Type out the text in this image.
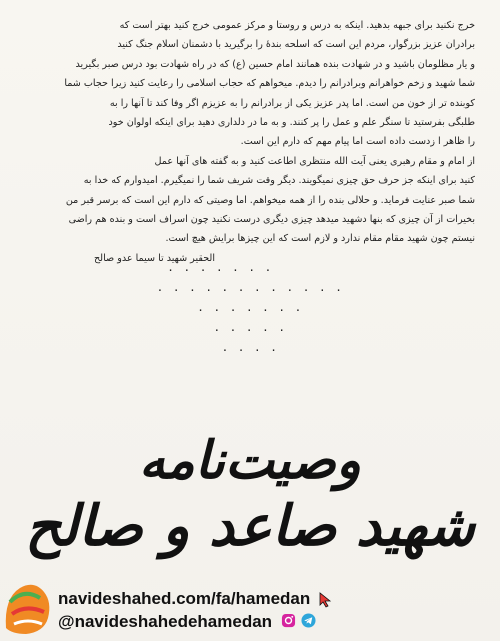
خرج نکنید برای جبهه بدهید. اینکه به درس و روستا و مرکز عمومی خرج کنید بهتر است که
برادران عزیز بزرگوار، مردم این است که اسلحه بندهٔ را برگیرید با دشمنان اسلام جنگ کنید
و یار مظلومان باشید و در شهادت بنده همانند امام حسین (ع) که در راه شهادت بود درس صبر بگیرید
شما شهید و زخم خواهرانم وبرادرانم را دیدم. میخواهم که حجاب اسلامی را رعایت کنید زیرا حجاب شما
کوبنده تر از خون من است. اما پدر عزیز یکی از برادرانم را به عزیزم اگر وفا کند تا آنها را به
طلبگی بفرستید تا سنگر علم و عمل را پر کنند. و به ما در دلداری دهید برای اینکه اولوان خود
را ظاهر ا زدست داده است اما پیام مهم که دارم این است.
از امام و مقام رهبری یعنی آیت الله منتظری اطاعت کنید و به گفته های آنها عمل
کنید برای اینکه جز حرف حق چیزی نمیگویند. دیگر وقت شریف شما را نمیگیرم. امیدوارم که خدا به
شما صبر عنایت فرماید. و حلالی بنده را از همه میخواهم. اما وصیتی که دارم این است که برسر قبر من
بخیرات از آن چیزی که بنها دشهید میدهد چیزی دیگری درست نکنید چون اسراف است و بنده هم راضی
نیستم چون شهید مقام مقام ندارد و لازم است که این چیزها برایش هیچ است.
الحقیر شهید تا سیما عدو صالح
. . . . . . .
. . . . . . . . . . . .
. . . . . . .
. . . . .
. . . .
وصیت‌نامه
شهید صاعد و صالح
navideshahed.com/fa/hamedan
@navideshahedehamedan
